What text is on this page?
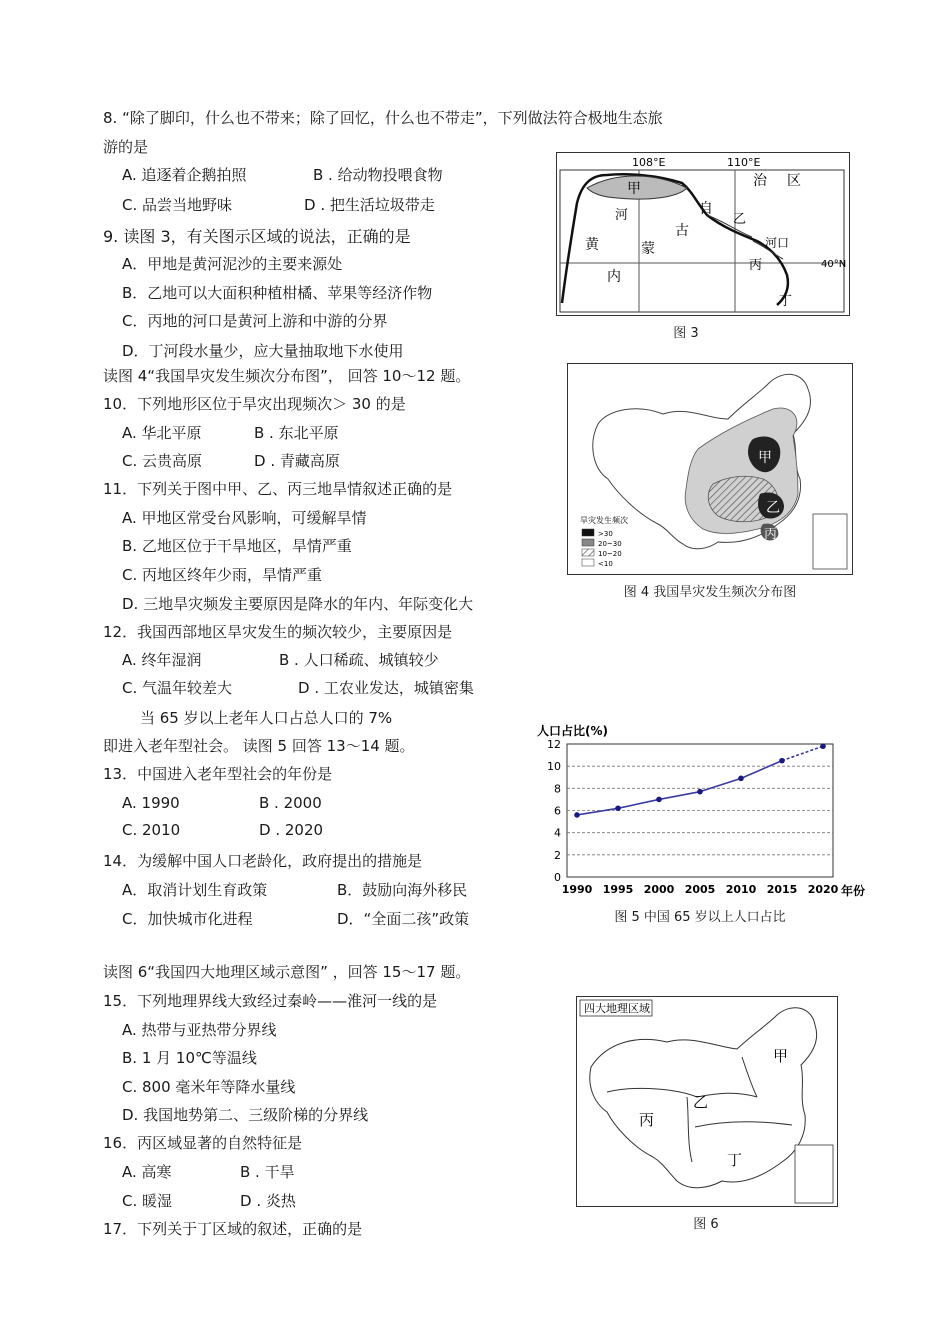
8. “除了脚印，什么也不带来；除了回忆，什么也不带走”，下列做法符合极地生态旅
游的是
A. 追逐着企鹅拍照	B . 给动物投喂食物
C. 品尝当地野味	D . 把生活垃圾带走
9. 读图 3，有关图示区域的说法，正确的是
A．甲地是黄河泥沙的主要来源处
B．乙地可以大面积种植柑橘、苹果等经济作物
C．丙地的河口是黄河上游和中游的分界
D．丁河段水量少，应大量抽取地下水使用
108°E	110°E
40°N
甲
河
黄
自
治 区
乙
蒙
古
河口
内
丙
丁
图 3
读图 4“我国旱灾发生频次分布图”， 回答 10～12 题。
10．下列地形区位于旱灾出现频次＞ 30 的是
A. 华北平原	B . 东北平原
C. 云贵高原	D . 青藏高原
11．下列关于图中甲、乙、丙三地旱情叙述正确的是
A. 甲地区常受台风影响，可缓解旱情
B. 乙地区位于干旱地区，旱情严重
C. 丙地区终年少雨，旱情严重
D. 三地旱灾频发主要原因是降水的年内、年际变化大
甲
乙
丙
旱灾发生频次
>30
20~30
10~20
<10
图 4 我国旱灾发生频次分布图
12．我国西部地区旱灾发生的频次较少，主要原因是
A. 终年湿润	B . 人口稀疏、城镇较少
C. 气温年较差大	D . 工农业发达，城镇密集
当 65 岁以上老年人口占总人口的 7%
即进入老年型社会。 读图 5 回答 13～14 题。
13．中国进入老年型社会的年份是
A. 1990	B . 2000
C. 2010	D . 2020
14．为缓解中国人口老龄化，政府提出的措施是
A．取消计划生育政策	B．鼓励向海外移民
C．加快城市化进程	D．“全面二孩”政策
人口占比(%)
年份
0
2
4
6
8
10
12
1990 1995 2000 2005 2010 2015 2020
图 5 中国 65 岁以上人口占比
读图 6“我国四大地理区域示意图” ，回答 15～17 题。
15．下列地理界线大致经过秦岭——淮河一线的是
A. 热带与亚热带分界线
B. 1 月 10℃等温线
C. 800 毫米年等降水量线
D. 我国地势第二、三级阶梯的分界线
16．丙区域显著的自然特征是
A. 高寒	B . 干旱
C. 暖湿	D . 炎热
17．下列关于丁区域的叙述，正确的是
四大地理区域
甲
乙
丙
丁
图 6
